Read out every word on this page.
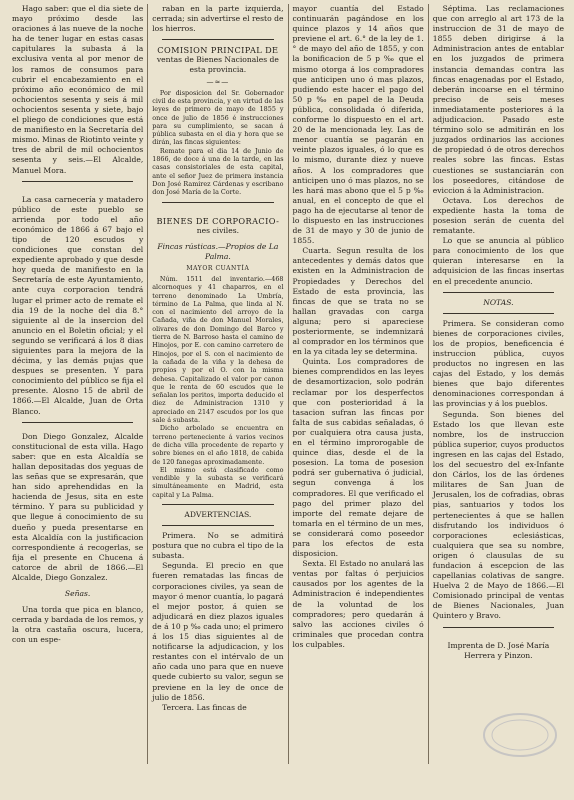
Hago saber: que el dia siete de mayo próximo desde las oraciones á las nueve de la noche ha de tener lugar en estas casas capitulares la subasta á la exclusiva venta al por menor de los ramos de consumos para cubrir el encabezamiento en el próximo año económico de mil ochocientos sesenta y seis á mil ochocientos sesenta y siete, bajo el pliego de condiciones que está de manifiesto en la Secretaría del mismo. Minas de Riotinto veinte y tres de abril de mil ochocientos sesenta y seis.—El Alcalde, Manuel Mora.

La casa carnecería y matadero público de este pueblo se arrienda por todo el año económico de 1866 á 67 bajo el tipo de 120 escudos y condiciones que constan del expediente aprobado y que desde hoy queda de manifiesto en la Secretaría de este Ayuntamiento, ante cuya corporacion tendrá lugar el primer acto de remate el dia 19 de la noche del dia 8.° siguiente al de la insercion del anuncio en el Boletin oficial; y el segundo se verificará á los 8 dias siguientes para la mejora de la décima, y las demás pujas que despues se presenten. Y para conocimiento del público se fija el presente. Alosno 15 de abril de 1866.—El Alcalde, Juan de Orta Blanco.

Don Diego Gonzalez, Alcalde constitucional de esta villa. Hago saber: que en esta Alcaldía se hallan depositadas dos yeguas de las señas que se expresarán, que han sido aprehendidas en la hacienda de Jesus, sita en este término. Y para su publicidad y que llegue á conocimiento de su dueño y pueda presentarse en esta Alcaldía con la justificacion correspondiente á recogerlas, se fija el presente en Chucena á catorce de abril de 1866.—El Alcalde, Diego Gonzalez.

Señas.

Una torda que pica en blanco, cerrada y bardada de los remos, y la otra castaña oscura, lucera, con un espe-

raban en la parte izquierda, cerrada; sin advertirse el resto de los hierros.

COMISION PRINCIPAL DE

ventas de Bienes Nacionales de esta provincia.

—≈—

Por disposicion del Sr. Gobernador civil de esta provincia, y en virtud de las leyes de primero de mayo de 1855 y once de julio de 1856 é instrucciones para su cumplimiento, se sacan á pública subasta en el dia y hora que se dirán, las fincas siguientes:

Remate para el dia 14 de Junio de 1866, de doce á una de la tarde, en las casas consistoriales de esta capital, ante el señor Juez de primera instancia Don José Ramirez Cárdenas y escribano don José María de la Corte.

BIENES DE CORPORACIO-

nes civiles.

Fincas rústicas.—Propios de La Palma.

MAYOR CUANTÍA

Núm. 1511 del inventario.—468 alcornoques y 41 chaparros, en el terreno denominado La Umbría, término de La Palma, que linda al N. con el nacimiento del arroyo de la Cañada, viña de don Manuel Morales, olivares de don Domingo del Barco y tierra de N. Barroso hasta el camino de Hinojos, por E. con camino carretero de Hinojos, por el S. con el nacimiento de la cañada de la viña y la dehesa de propios y por el O. con la misma dehesa. Capitalizado el valor por canon que le renta de 60 escudos que le señalan los peritos, importa deducido el diez de Administracion 1310 y apreciado en 2147 escudos por los que sale á subasta.

Dicho arbolado se encuentra en terreno perteneciente á varios vecinos de dicha villa procedente de reparto y sobre bienes en el año 1818, de cabida de 120 fanegas aproximadamente.

El mismo está clasificado como vendible y la subasta se verificará simultáneamente en Madrid, esta capital y La Palma.

ADVERTENCIAS.

Primera. No se admitirá postura que no cubra el tipo de la subasta.

Segunda. El precio en que fueren rematadas las fincas de corporaciones civiles, ya sean de mayor ó menor cuantía, lo pagará el mejor postor, á quien se adjudicará en diez plazos iguales de á 10 p ‰ cada uno; el primero á los 15 dias siguientes al de notificarse la adjudicacion, y los restantes con el intérvalo de un año cada uno para que en nueve quede cubierto su valor, segun se previene en la ley de once de julio de 1856.

Tercera. Las fincas de

mayor cuantía del Estado continuarán pagándose en los quince plazos y 14 años que previene el art. 6.° de la ley de 1.° de mayo del año de 1855, y con la bonificacion de 5 p ‰ que el mismo otorga á los compradores que anticipen uno ó mas plazos, pudiendo este hacer el pago del 50 p ‰ en papel de la Deuda pública, consolidada ó diferida, conforme lo dispuesto en el art. 20 de la mencionada ley. Las de menor cuantía se pagarán en veinte plazos iguales, ó lo que es lo mismo, durante diez y nueve años. A los compradores que anticipen uno ó mas plazos, no se les hará mas abono que el 5 p ‰ anual, en el concepto de que el pago ha de ejecutarse al tenor de lo dispuesto en las instrucciones de 31 de mayo y 30 de junio de 1855.

Cuarta. Segun resulta de los antecedentes y demás datos que existen en la Administracion de Propiedades y Derechos del Estado de esta provincia, las fincas de que se trata no se hallan gravadas con carga alguna; pero si apareciese posteriormente, se indemnizará al comprador en los términos que en la ya citada ley se determina.

Quinta. Los compradores de bienes comprendidos en las leyes de desamortizacion, solo podrán reclamar por los desperfectos que con posterioridad á la tasacion sufran las fincas por falta de sus cabidas señaladas, ó por cualquiera otra causa justa, en el término improrogable de quince dias, desde el de la posesion. La toma de posesion podrá ser gubernativa ó judicial, segun convenga á los compradores. El que verificado el pago del primer plazo del importe del remate dejare de tomarla en el término de un mes, se considerará como poseedor para los efectos de esta disposicion.

Sexta. El Estado no anulará las ventas por faltas ó perjuicios causados por los agentes de la Administracion é independientes de la voluntad de los compradores; pero quedarán á salvo las acciones civiles ó criminales que procedan contra los culpables.

Séptima. Las reclamaciones que con arreglo al art 173 de la instruccion de 31 de mayo de 1855 deben dirigirse á la Administracion antes de entablar en los juzgados de primera instancia demandas contra las fincas enagenadas por el Estado, deberán incoarse en el término preciso de seis meses inmediatamente posteriores á la adjudicacion. Pasado este término solo se admitirán en los juzgados ordinarios las acciones de propiedad ó de otros derechos reales sobre las fincas. Estas cuestiones se sustanciarán con los poseedores, citándose de eviccion á la Administracion.

Octava. Los derechos de expediente hasta la toma de posesion serán de cuenta del rematante.

Lo que se anuncia al público para conocimiento de los que quieran interesarse en la adquisicion de las fincas insertas en el precedente anuncio.

NOTAS.

Primera. Se consideran como bienes de corporaciones civiles, los de propios, beneficencia é instruccion pública, cuyos productos no ingresen en las cajas del Estado, y los demás bienes que bajo diferentes denominaciones correspondan á las provincias y á los pueblos.

Segunda. Son bienes del Estado los que llevan este nombre, los de instruccion pública superior, cuyos productos ingresen en las cajas del Estado, los del secuestro del ex-Infante don Cárlos, los de las órdenes militares de San Juan de Jerusalen, los de cofradias, obras pias, santuarios y todos los pertenecientes á que se hallen disfrutando los individuos ó corporaciones eclesiásticas, cualquiera que sea su nombre, origen ó clausulas de su fundacion á escepcion de las capellanias colativas de sangre. Huelva 2 de Mayo de 1866.—El Comisionado principal de ventas de Bienes Nacionales, Juan Quintero y Bravo.

Imprenta de D. José María

Herrera y Pinzon.
